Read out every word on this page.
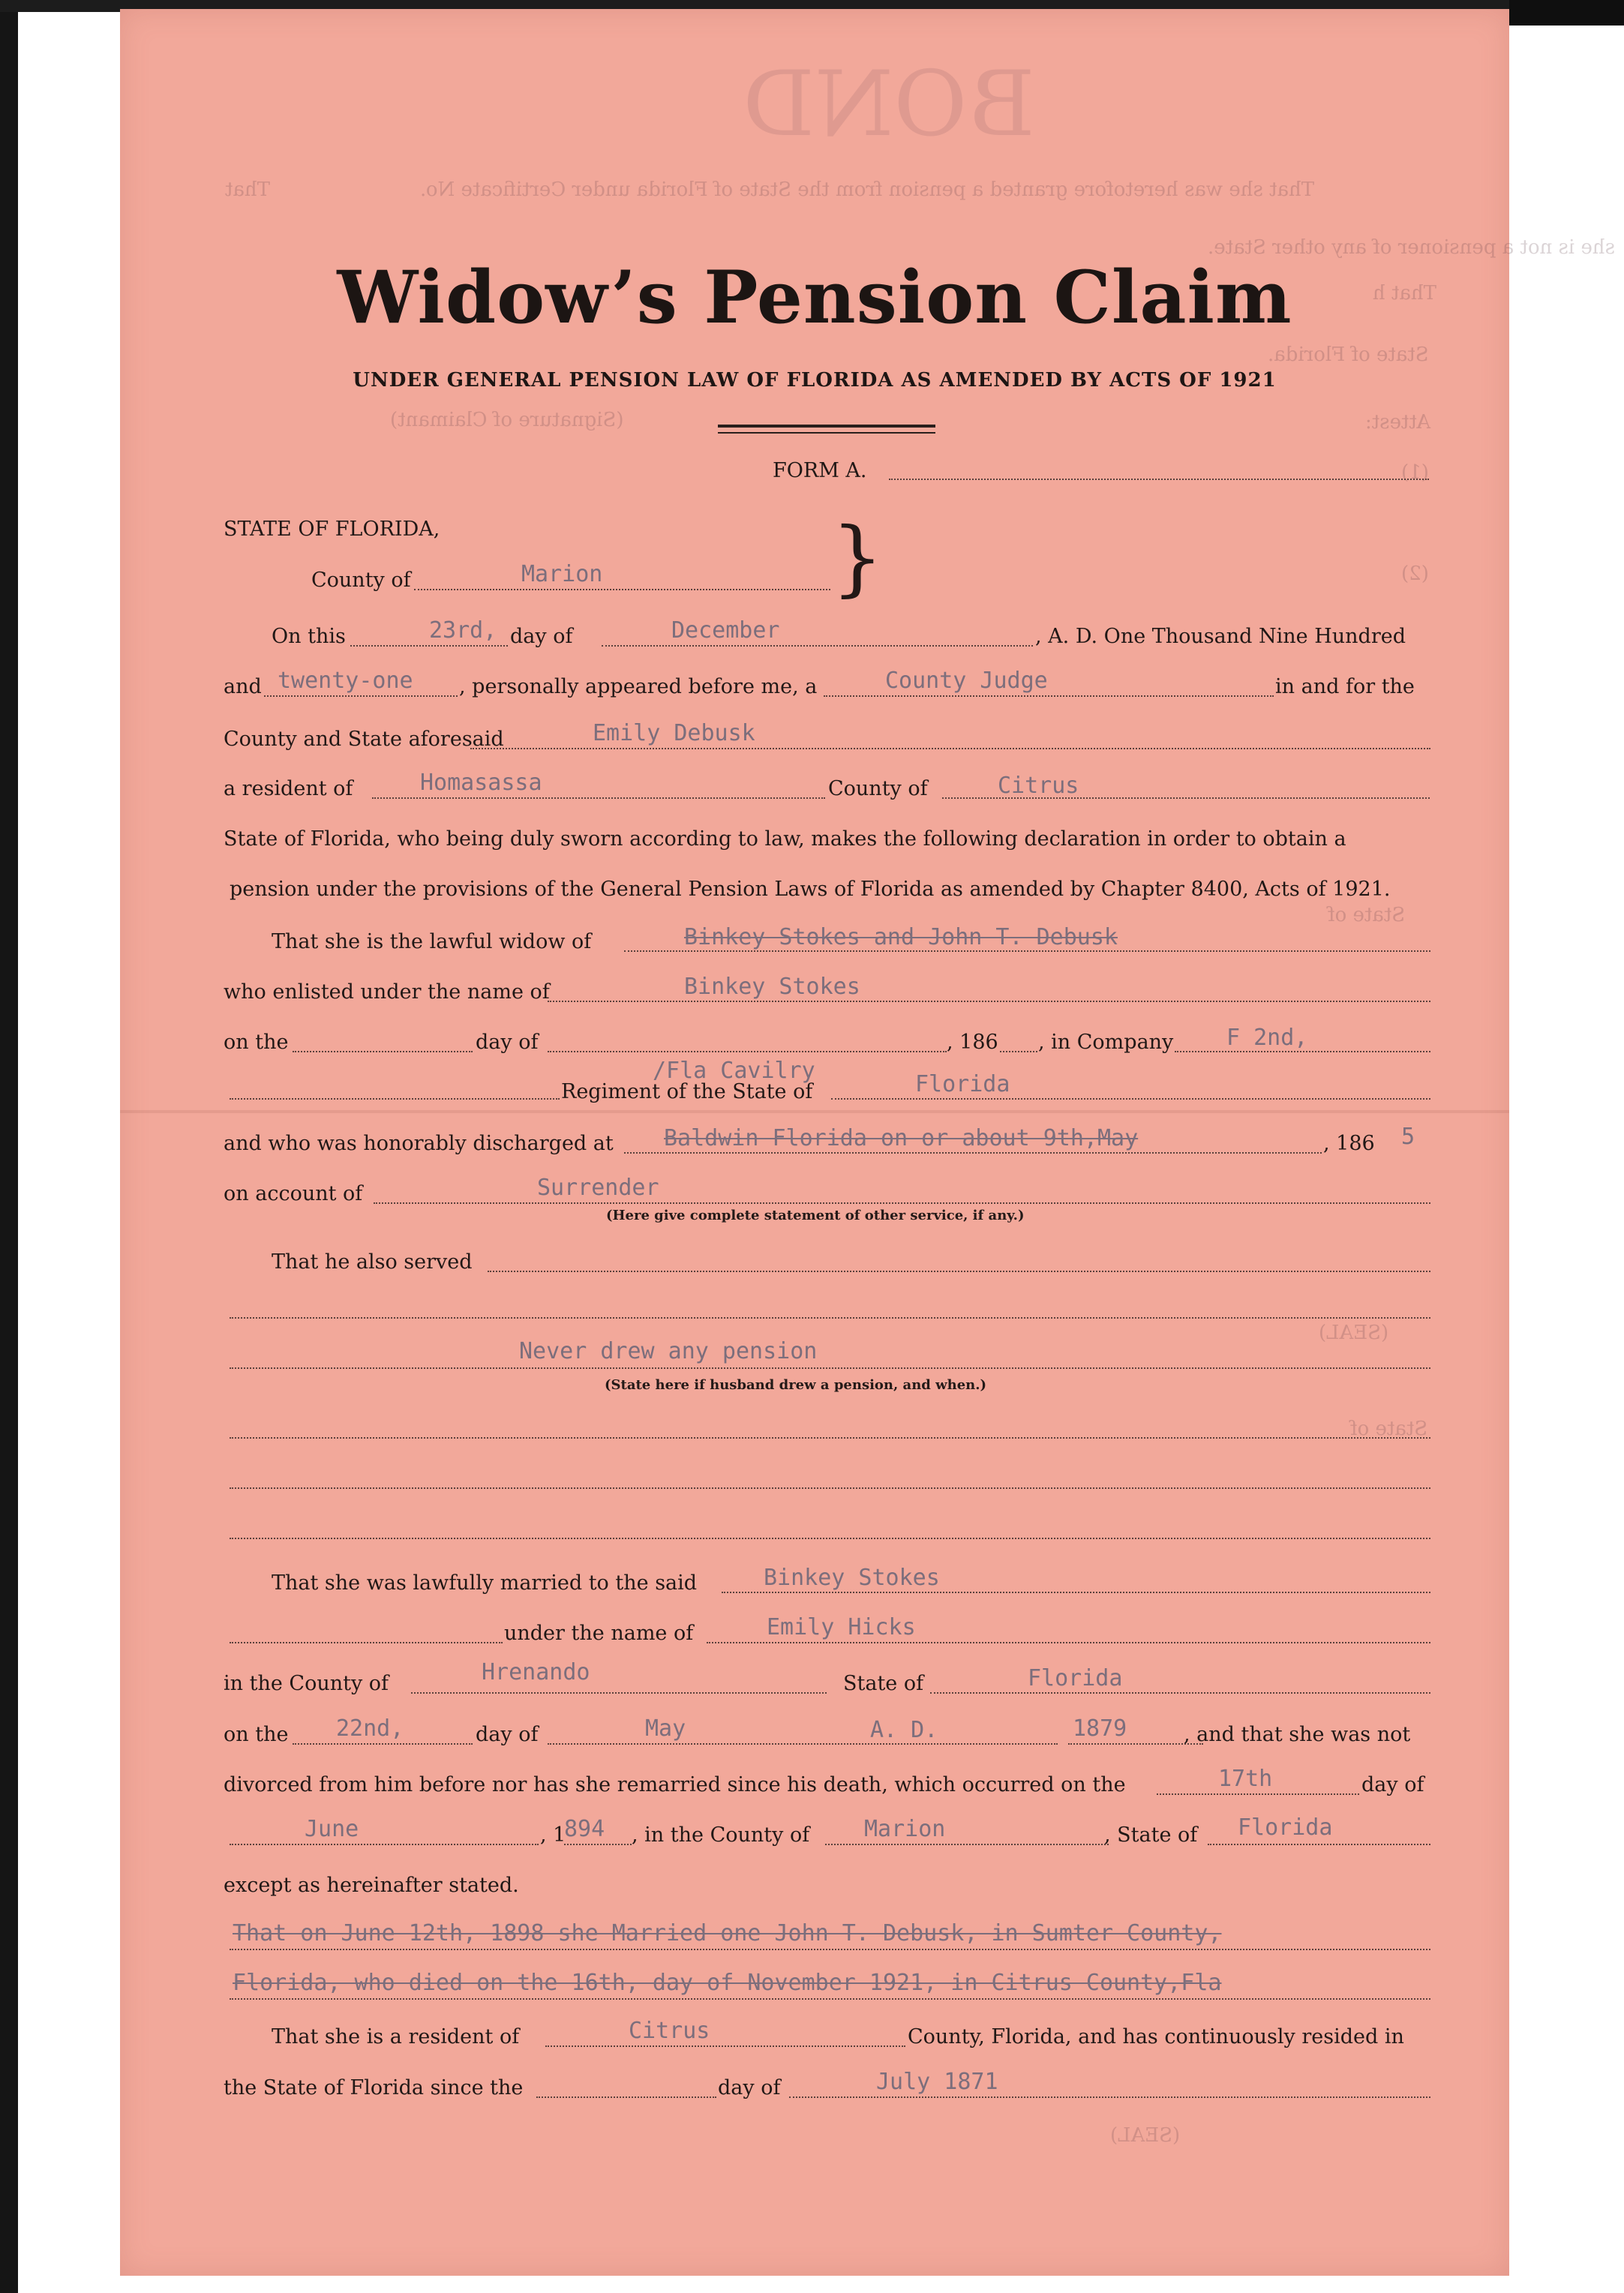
BOND
That she was heretofore granted a pension from the State of Florida under Certificate No.
That
she is not a pensioner of any other State.
That h
State of Florida.
(Signature of Claimant)	Attest:
(1)
(2)
State of
(SEAL)
State of
(SEAL)
Widow’s Pension Claim
UNDER GENERAL PENSION LAW OF FLORIDA AS AMENDED BY ACTS OF 1921
FORM A.
STATE OF FLORIDA,
County of	Marion	}
On this	23rd, day of	December	, A. D. One Thousand Nine Hundred
and twenty-one , personally appeared before me, a	County Judge	in and for the
County and State aforesaid	Emily Debusk
a resident of	Homasassa	County of	Citrus
State of Florida, who being duly sworn according to law, makes the following declaration in order to obtain a
pension under the provisions of the General Pension Laws of Florida as amended by Chapter 8400, Acts of 1921.
That she is the lawful widow of	Binkey Stokes and John T. Debusk
who enlisted under the name of	Binkey Stokes
on the	day of	, 186 , in Company F 2nd,
/Fla Cavilry
Regiment of the State of	Florida
and who was honorably discharged at Baldwin Florida on or about 9th,May	, 186 5
on account of	Surrender
(Here give complete statement of other service, if any.)
That he also served
Never drew any pension
(State here if husband drew a pension, and when.)
That she was lawfully married to the said	Binkey Stokes
under the name of	Emily Hicks
in the County of	Hrenando	State of	Florida
on the 22nd,	day of	May	A. D.	1879	, and that she was not
divorced from him before nor has she remarried since his death, which occurred on the	17th	day of
June	, 1
894 , in the County of Marion	, State of Florida
except as hereinafter stated.
That on June 12th, 1898 she Married one John T. Debusk, in Sumter County,
Florida, who died on the 16th, day of November 1921, in Citrus County,Fla
That she is a resident of	Citrus	County, Florida, and has continuously resided in
the State of Florida since the	day of	July 1871
